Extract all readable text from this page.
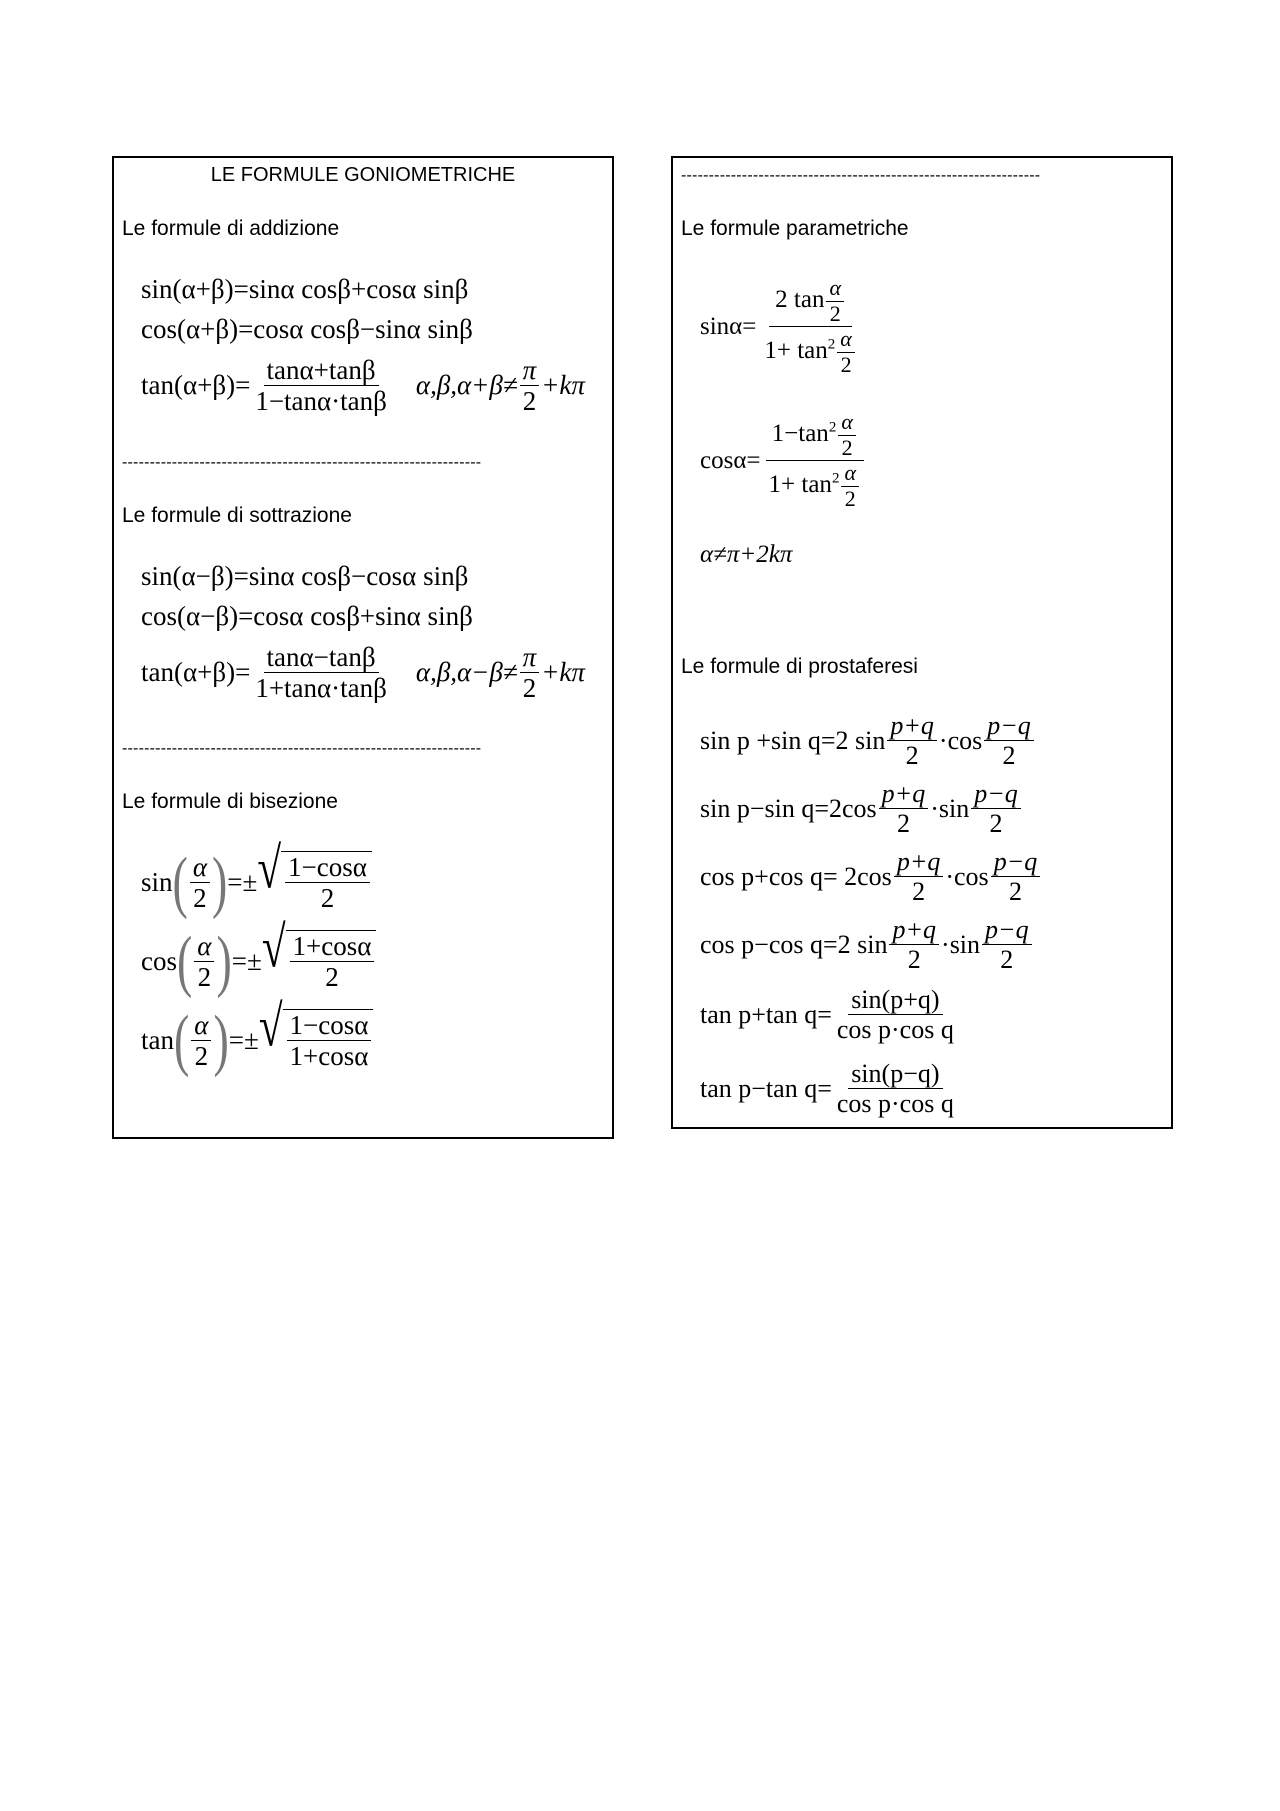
LE FORMULE GONIOMETRICHE
Le formule di addizione
sin(α+β)=sinα cosβ+cosα sinβ
cos(α+β)=cosα cosβ−sinα sinβ
$\tan(\alpha+\beta)= \frac{\tan\alpha+\tan\beta}{1-\tan\alpha\cdot\tan\beta} \alpha,\beta,\alpha+\beta\ne \frac{\pi}{2} +k\pi$
-----------------------------------------------------------------
Le formule di sottrazione
sin(α−β)=sinα cosβ−cosα sinβ
cos(α−β)=cosα cosβ+sinα sinβ
$\tan(\alpha+\beta)= \frac{\tan\alpha-\tan\beta}{1+\tan\alpha\cdot\tan\beta} \alpha,\beta,\alpha-\beta\ne \frac{\pi}{2} +k\pi$
-----------------------------------------------------------------
Le formule di bisezione
sin ( $\frac{\alpha}{2}$ ) =± √ $\frac{1-\cos\alpha}{2}$
cos ( $\frac{\alpha}{2}$ ) =± √ $\frac{1+\cos\alpha}{2}$
tan ( $\frac{\alpha}{2}$ ) =± √ $\frac{1-\cos\alpha}{1+\cos\alpha}$
-----------------------------------------------------------------
Le formule parametriche
$\sin\alpha= \frac{2 \tan \frac{\alpha}{2}}{1+ \tan^2 \frac{\alpha}{2}}$
$\cos\alpha= \frac{1-\tan^2 \frac{\alpha}{2}}{1+ \tan^2 \frac{\alpha}{2}}$
α≠π+2kπ
Le formule di prostaferesi
sin p +sin q=2 $\sin \frac{p+q}{2} \cdot\cos \frac{p-q}{2}$
sin p−sin $q=2\cos \frac{p+q}{2} \cdot\sin \frac{p-q}{2}$
cos p+cos $q= 2\cos \frac{p+q}{2} \cdot\cos \frac{p-q}{2}$
cos p−cos q=2 $\sin \frac{p+q}{2} \cdot\sin \frac{p-q}{2}$
tan p+tan $q= \frac{\sin(p+q)}{\text{cos p·cos q}}$
tan p−tan $q= \frac{\sin(p-q)}{\text{cos p·cos q}}$
